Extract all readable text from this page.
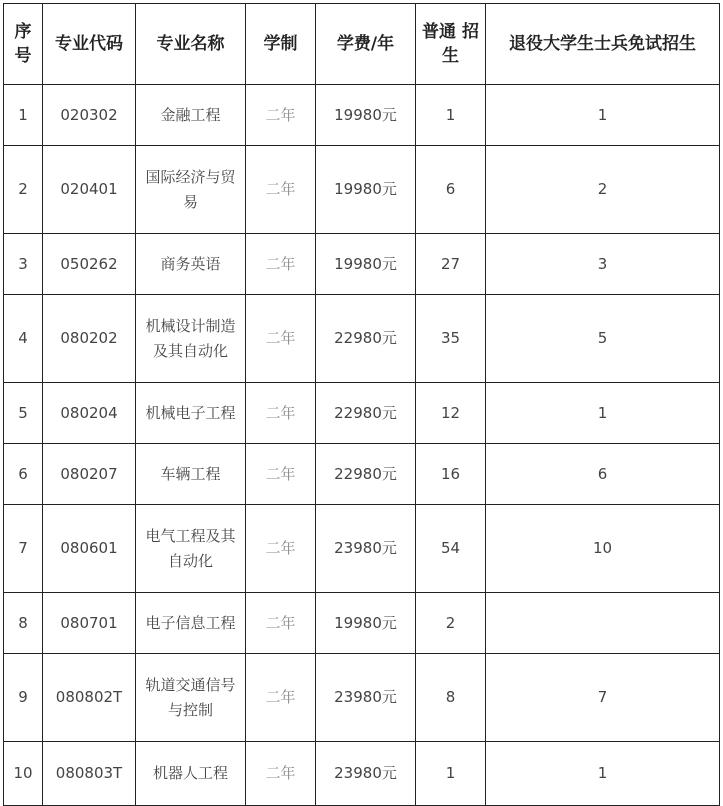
序号	专业代码	专业名称	学制	学费/年	普通 招生	退役大学生士兵免试招生
1	020302	金融工程	二年	19980元	1	1
2	020401	国际经济与贸易	二年	19980元	6	2
3	050262	商务英语	二年	19980元	27	3
4	080202	机械设计制造及其自动化	二年	22980元	35	5
5	080204	机械电子工程	二年	22980元	12	1
6	080207	车辆工程	二年	22980元	16	6
7	080601	电气工程及其自动化	二年	23980元	54	10
8	080701	电子信息工程	二年	19980元	2	
9	080802T	轨道交通信号与控制	二年	23980元	8	7
10	080803T	机器人工程	二年	23980元	1	1
